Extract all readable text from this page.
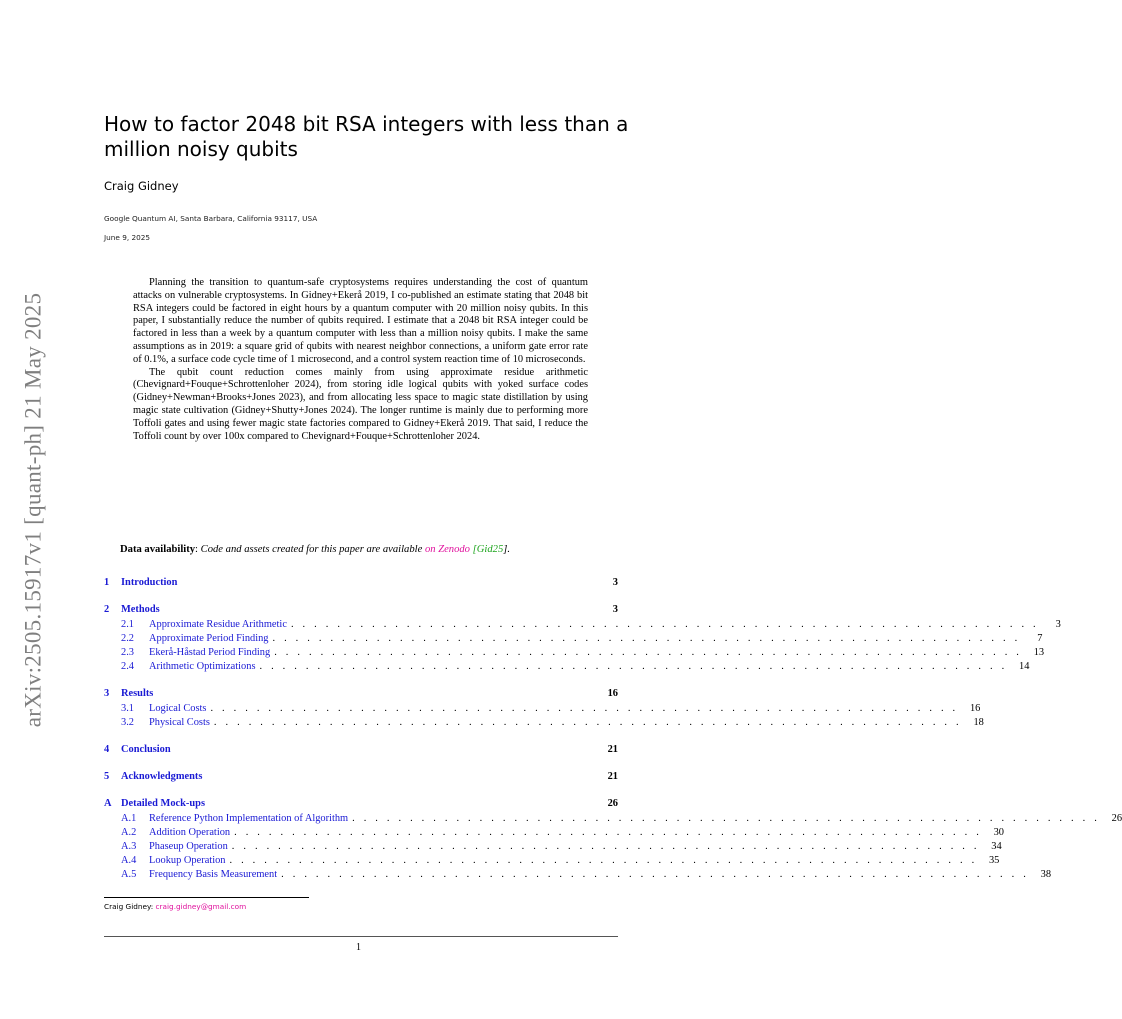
arXiv:2505.15917v1 [quant-ph] 21 May 2025
How to factor 2048 bit RSA integers with less than a million noisy qubits
Craig Gidney
Google Quantum AI, Santa Barbara, California 93117, USA
June 9, 2025

Planning the transition to quantum-safe cryptosystems requires understanding the cost of quantum attacks on vulnerable cryptosystems. In Gidney+Ekerå 2019, I co-published an estimate stating that 2048 bit RSA integers could be factored in eight hours by a quantum computer with 20 million noisy qubits. In this paper, I substantially reduce the number of qubits required. I estimate that a 2048 bit RSA integer could be factored in less than a week by a quantum computer with less than a million noisy qubits. I make the same assumptions as in 2019: a square grid of qubits with nearest neighbor connections, a uniform gate error rate of 0.1%, a surface code cycle time of 1 microsecond, and a control system reaction time of 10 microseconds.

The qubit count reduction comes mainly from using approximate residue arithmetic (Chevignard+Fouque+Schrottenloher 2024), from storing idle logical qubits with yoked surface codes (Gidney+Newman+Brooks+Jones 2023), and from allocating less space to magic state distillation by using magic state cultivation (Gidney+Shutty+Jones 2024). The longer runtime is mainly due to performing more Toffoli gates and using fewer magic state factories compared to Gidney+Ekerå 2019. That said, I reduce the Toffoli count by over 100x compared to Chevignard+Fouque+Schrottenloher 2024.

Data availability: Code and assets created for this paper are available on Zenodo [Gid25].
1 Introduction	3
2 Methods	3
2.1	Approximate Residue Arithmetic . . . . . . . . . . . . . . . . . . . . . . . . . . . . . . . . . . . . . . . . . . . . . . . . . . . . . . . . . . . . . . . . .	3
2.2	Approximate Period Finding . . . . . . . . . . . . . . . . . . . . . . . . . . . . . . . . . . . . . . . . . . . . . . . . . . . . . . . . . . . . . . . . .	7
2.3	Ekerå-Håstad Period Finding . . . . . . . . . . . . . . . . . . . . . . . . . . . . . . . . . . . . . . . . . . . . . . . . . . . . . . . . . . . . . . . . .	13
2.4	Arithmetic Optimizations . . . . . . . . . . . . . . . . . . . . . . . . . . . . . . . . . . . . . . . . . . . . . . . . . . . . . . . . . . . . . . . . .	14
3 Results	16
3.1	Logical Costs . . . . . . . . . . . . . . . . . . . . . . . . . . . . . . . . . . . . . . . . . . . . . . . . . . . . . . . . . . . . . . . . .	16
3.2	Physical Costs . . . . . . . . . . . . . . . . . . . . . . . . . . . . . . . . . . . . . . . . . . . . . . . . . . . . . . . . . . . . . . . . .	18
4 Conclusion	21
5 Acknowledgments	21
A Detailed Mock-ups	26
A.1	Reference Python Implementation of Algorithm . . . . . . . . . . . . . . . . . . . . . . . . . . . . . . . . . . . . . . . . . . . . . . . . . . . . . . . . . . . . . . . . .	26
A.2	Addition Operation . . . . . . . . . . . . . . . . . . . . . . . . . . . . . . . . . . . . . . . . . . . . . . . . . . . . . . . . . . . . . . . . .	30
A.3	Phaseup Operation . . . . . . . . . . . . . . . . . . . . . . . . . . . . . . . . . . . . . . . . . . . . . . . . . . . . . . . . . . . . . . . . .	34
A.4	Lookup Operation . . . . . . . . . . . . . . . . . . . . . . . . . . . . . . . . . . . . . . . . . . . . . . . . . . . . . . . . . . . . . . . . .	35
A.5	Frequency Basis Measurement . . . . . . . . . . . . . . . . . . . . . . . . . . . . . . . . . . . . . . . . . . . . . . . . . . . . . . . . . . . . . . . . .	38
Craig Gidney: craig.gidney@gmail.com
1
